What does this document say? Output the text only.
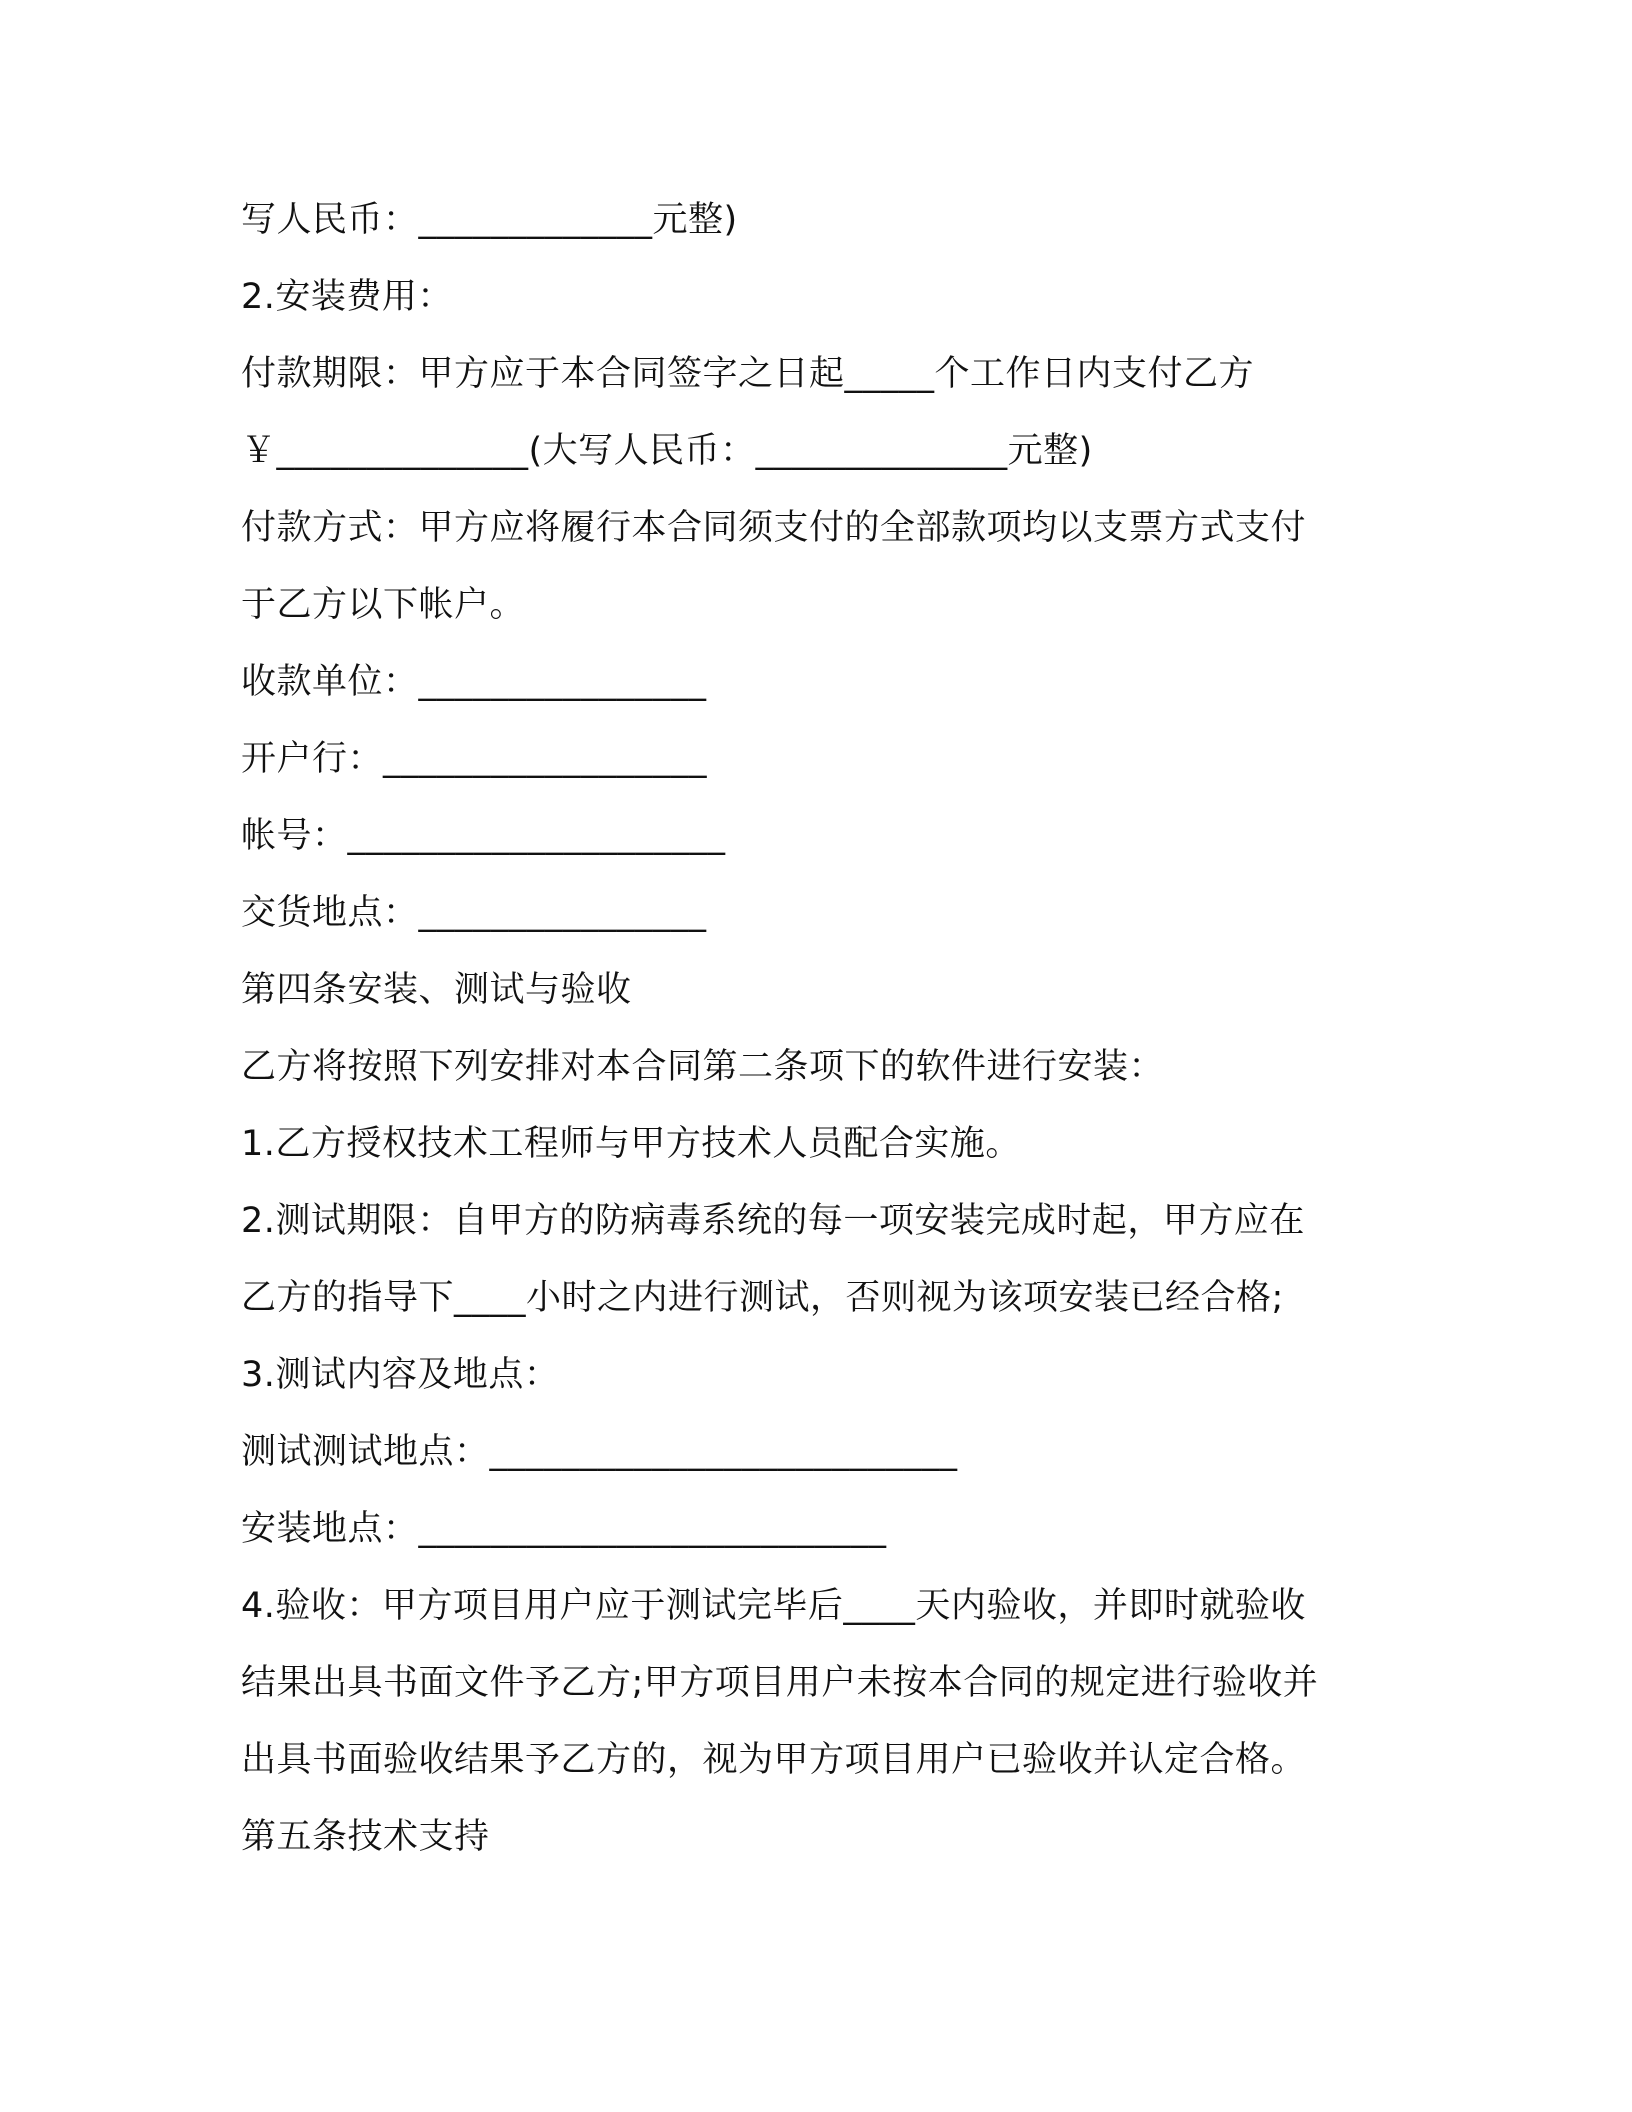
写人民币：_____________元整)
2.安装费用：
付款期限：甲方应于本合同签字之日起_____个工作日内支付乙方
￥______________(大写人民币：______________元整)
付款方式：甲方应将履行本合同须支付的全部款项均以支票方式支付
于乙方以下帐户。
收款单位：________________
开户行：__________________
帐号：_____________________
交货地点：________________
第四条安装、测试与验收
乙方将按照下列安排对本合同第二条项下的软件进行安装：
1.乙方授权技术工程师与甲方技术人员配合实施。
2.测试期限：自甲方的防病毒系统的每一项安装完成时起，甲方应在
乙方的指导下____小时之内进行测试，否则视为该项安装已经合格;
3.测试内容及地点：
测试测试地点：__________________________
安装地点：__________________________
4.验收：甲方项目用户应于测试完毕后____天内验收，并即时就验收
结果出具书面文件予乙方;甲方项目用户未按本合同的规定进行验收并
出具书面验收结果予乙方的，视为甲方项目用户已验收并认定合格。
第五条技术支持
